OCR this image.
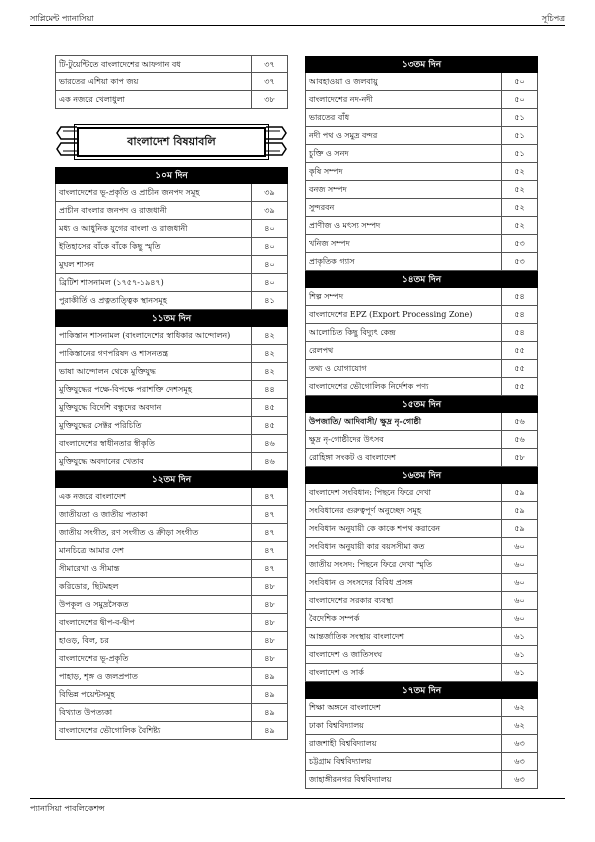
সাপ্লিমেন্ট প্যানাসিয়া	সূচিপত্র
টি-টুয়েন্টিতে বাংলাদেশের আফগান বধ	৩৭
ভারতের এশিয়া কাপ জয়	৩৭
এক নজরে খেলাধুলা	৩৮
বাংলাদেশ বিষয়াবলি
১০ম দিন
বাংলাদেশের ভূ-প্রকৃতি ও প্রাচীন জনপদ সমূহ	৩৯
প্রাচীন বাংলার জনপদ ও রাজধানী	৩৯
মধ্য ও আধুনিক যুগের বাংলা ও রাজধানী	৪০
ইতিহাসের বাঁকে বাঁকে কিছু স্মৃতি	৪০
মুঘল শাসন	৪০
ব্রিটিশ শাসনামল (১৭৫৭-১৯৪৭)	৪০
পুরাকীর্তি ও প্রত্নতাত্ত্বিক স্থানসমূহ	৪১
১১তম দিন
পাকিস্তান শাসনামল (বাংলাদেশের স্বাধিকার আন্দোলন)	৪২
পাকিস্তানের গণপরিষদ ও শাসনতন্ত্র	৪২
ভাষা আন্দোলন থেকে মুক্তিযুদ্ধ	৪২
মুক্তিযুদ্ধের পক্ষে-বিপক্ষে পরাশক্তি দেশসমূহ	৪৪
মুক্তিযুদ্ধে বিদেশি বন্ধুদের অবদান	৪৫
মুক্তিযুদ্ধের সেক্টর পরিচিতি	৪৫
বাংলাদেশের স্বাধীনতার স্বীকৃতি	৪৬
মুক্তিযুদ্ধে অবদানের খেতাব	৪৬
১২তম দিন
এক নজরে বাংলাদেশ	৪৭
জাতীয়তা ও জাতীয় পতাকা	৪৭
জাতীয় সংগীত, রণ সংগীত ও ক্রীড়া সংগীত	৪৭
মানচিত্রে আমার দেশ	৪৭
সীমারেখা ও সীমান্ত	৪৭
করিডোর, ছিটমহল	৪৮
উপকূল ও সমুদ্রসৈকত	৪৮
বাংলাদেশের দ্বীপ-ব-দ্বীপ	৪৮
হাওড়, বিল, চর	৪৮
বাংলাদেশের ভূ-প্রকৃতি	৪৮
পাহাড়, শৃঙ্গ ও জলপ্রপাত	৪৯
বিভিন্ন পয়েন্টসমূহ	৪৯
বিখ্যাত উপত্যকা	৪৯
বাংলাদেশের ভৌগোলিক বৈশিষ্ট্য	৪৯
১৩তম দিন
আবহাওয়া ও জলবায়ু	৫০
বাংলাদেশের নদ-নদী	৫০
ভারতের বাঁধ	৫১
নদী পথ ও সমুদ্র বন্দর	৫১
চুক্তি ও সনদ	৫১
কৃষি সম্পদ	৫২
বনজ সম্পদ	৫২
সুন্দরবন	৫২
প্রাণীজ ও মৎস্য সম্পদ	৫২
খনিজ সম্পদ	৫৩
প্রাকৃতিক গ্যাস	৫৩
১৪তম দিন
শিল্প সম্পদ	৫৪
বাংলাদেশের EPZ (Export Processing Zone)	৫৪
আলোচিত কিছু বিদ্যুৎ কেন্দ্র	৫৪
রেলপথ	৫৫
তথ্য ও যোগাযোগ	৫৫
বাংলাদেশের ভৌগোলিক নির্দেশক পণ্য	৫৫
১৫তম দিন
উপজাতি/ আদিবাসী/ ক্ষুদ্র নৃ-গোষ্ঠী	৫৬
ক্ষুদ্র নৃ-গোষ্ঠীদের উৎসব	৫৬
রোহিঙ্গা সংকট ও বাংলাদেশ	৫৮
১৬তম দিন
বাংলাদেশ সংবিধান: পিছনে ফিরে দেখা	৫৯
সংবিধানের গুরুত্বপূর্ণ অনুচ্ছেদ সমূহ	৫৯
সংবিধান অনুযায়ী কে কাকে শপথ করাবেন	৫৯
সংবিধান অনুযায়ী কার বয়সসীমা কত	৬০
জাতীয় সংসদ: পিছনে ফিরে দেখা স্মৃতি	৬০
সংবিধান ও সংসদের বিবিধ প্রসঙ্গ	৬০
বাংলাদেশের সরকার ব্যবস্থা	৬০
বৈদেশিক সম্পর্ক	৬০
আন্তর্জাতিক সংস্থায় বাংলাদেশ	৬১
বাংলাদেশ ও জাতিসংঘ	৬১
বাংলাদেশ ও সার্ক	৬১
১৭তম দিন
শিক্ষা অঙ্গনে বাংলাদেশ	৬২
ঢাকা বিশ্ববিদ্যালয়	৬২
রাজশাহী বিশ্ববিদ্যালয়	৬৩
চট্টগ্রাম বিশ্ববিদ্যালয়	৬৩
জাহাঙ্গীরনগর বিশ্ববিদ্যালয়	৬৩
প্যানাসিয়া পাবলিকেশন্স
